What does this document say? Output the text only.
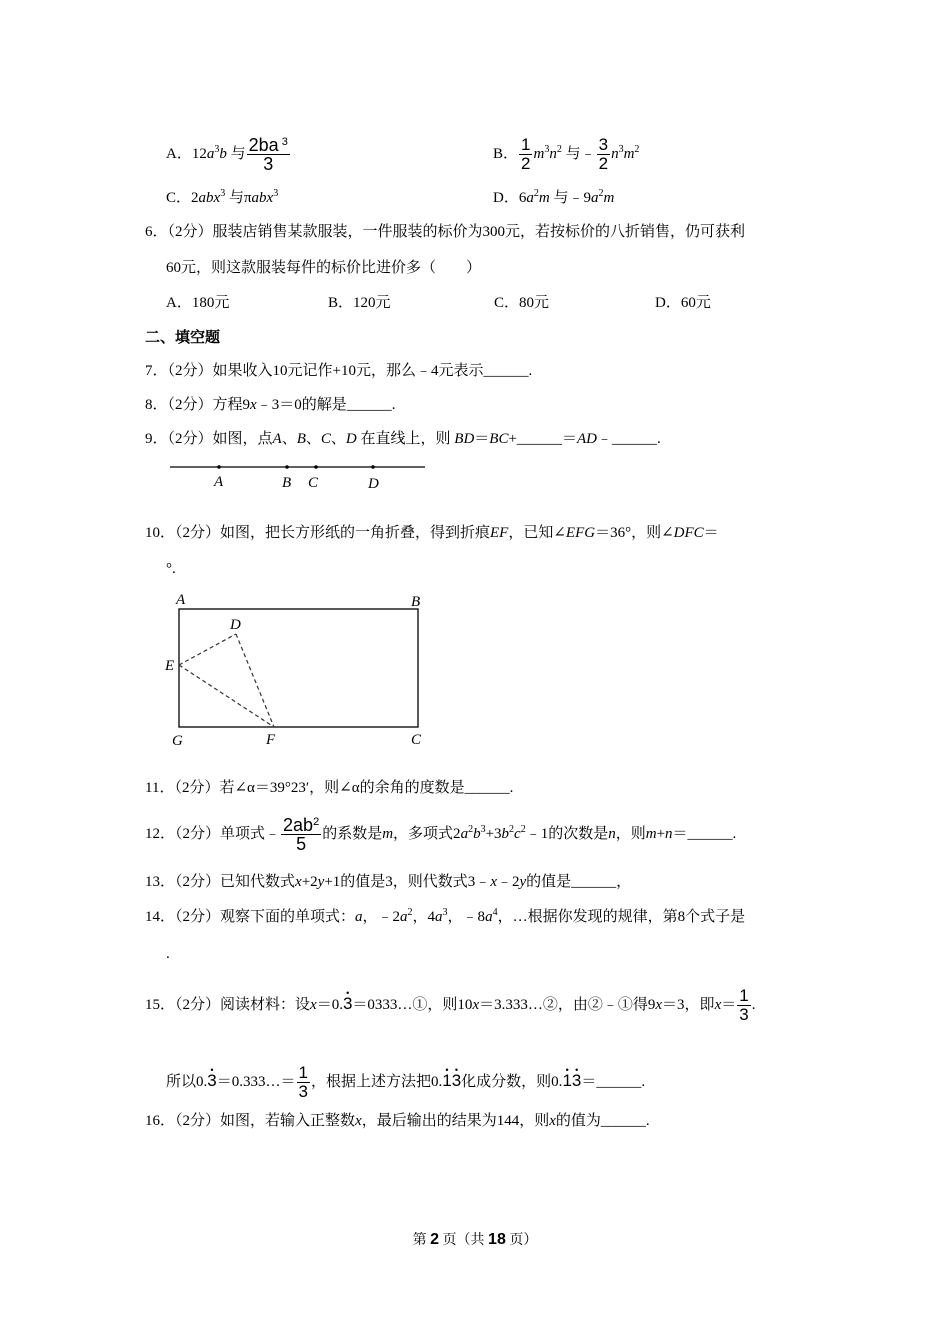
A．$12a^3b$ 与 $\frac{2ba ^3}{3}$	B． $\frac{1}{2} m^3n^2$ 与﹣ $\frac{3}{2} n^3m^2$
C．2abx$^3$ 与πabx$^3$	D．$6a^2m$ 与$﹣9a^2m$
6．（2分）服装店销售某款服装，一件服装的标价为300元，若按标价的八折销售，仍可获利
60元，则这款服装每件的标价比进价多（　　）
A．180元	B．120元	C．80元	D．60元
二、填空题
7．（2分）如果收入10元记作+10元，那么﹣4元表示______.
8．（2分）方程9x﹣3＝0的解是______.
9．（2分）如图，点A、B、C、D 在直线上，则 BD＝BC+______＝AD﹣______.
A	B C	D
10．（2分）如图，把长方形纸的一角折叠，得到折痕EF，已知∠EFG＝36°，则∠DFC＝
°.
A	B
D
E
G	F	C
11．（2分）若∠α＝39°23′，则∠α的余角的度数是______.
12．（2分）单项式﹣ $\frac{2ab^2}{5}$ 的系数是m，多项式$2a^2b^3+3b^2c^2﹣1$的次数是n，则m+n＝______.
13．（2分）已知代数式x+2y+1的值是3，则代数式3﹣x﹣2y的值是______，
14．（2分）观察下面的单项式：a，$﹣2a^2$，$4a^3$，$﹣8a^4$，…根据你发现的规律，第8个式子是
.
15．（2分）阅读材料：设x＝0.• 3＝0333…①，则10x＝3.333…②，由②﹣①得9x＝3，即$x= \frac{1}{3}$ .
所以0.• 3＝0.333…＝ $\frac{1}{3}$ ，根据上述方法把0.• 1• 3化成分数，则0.• 1• 3＝______.
16．（2分）如图，若输入正整数x，最后输出的结果为144，则x的值为______.
第 2 页（共 18 页）
